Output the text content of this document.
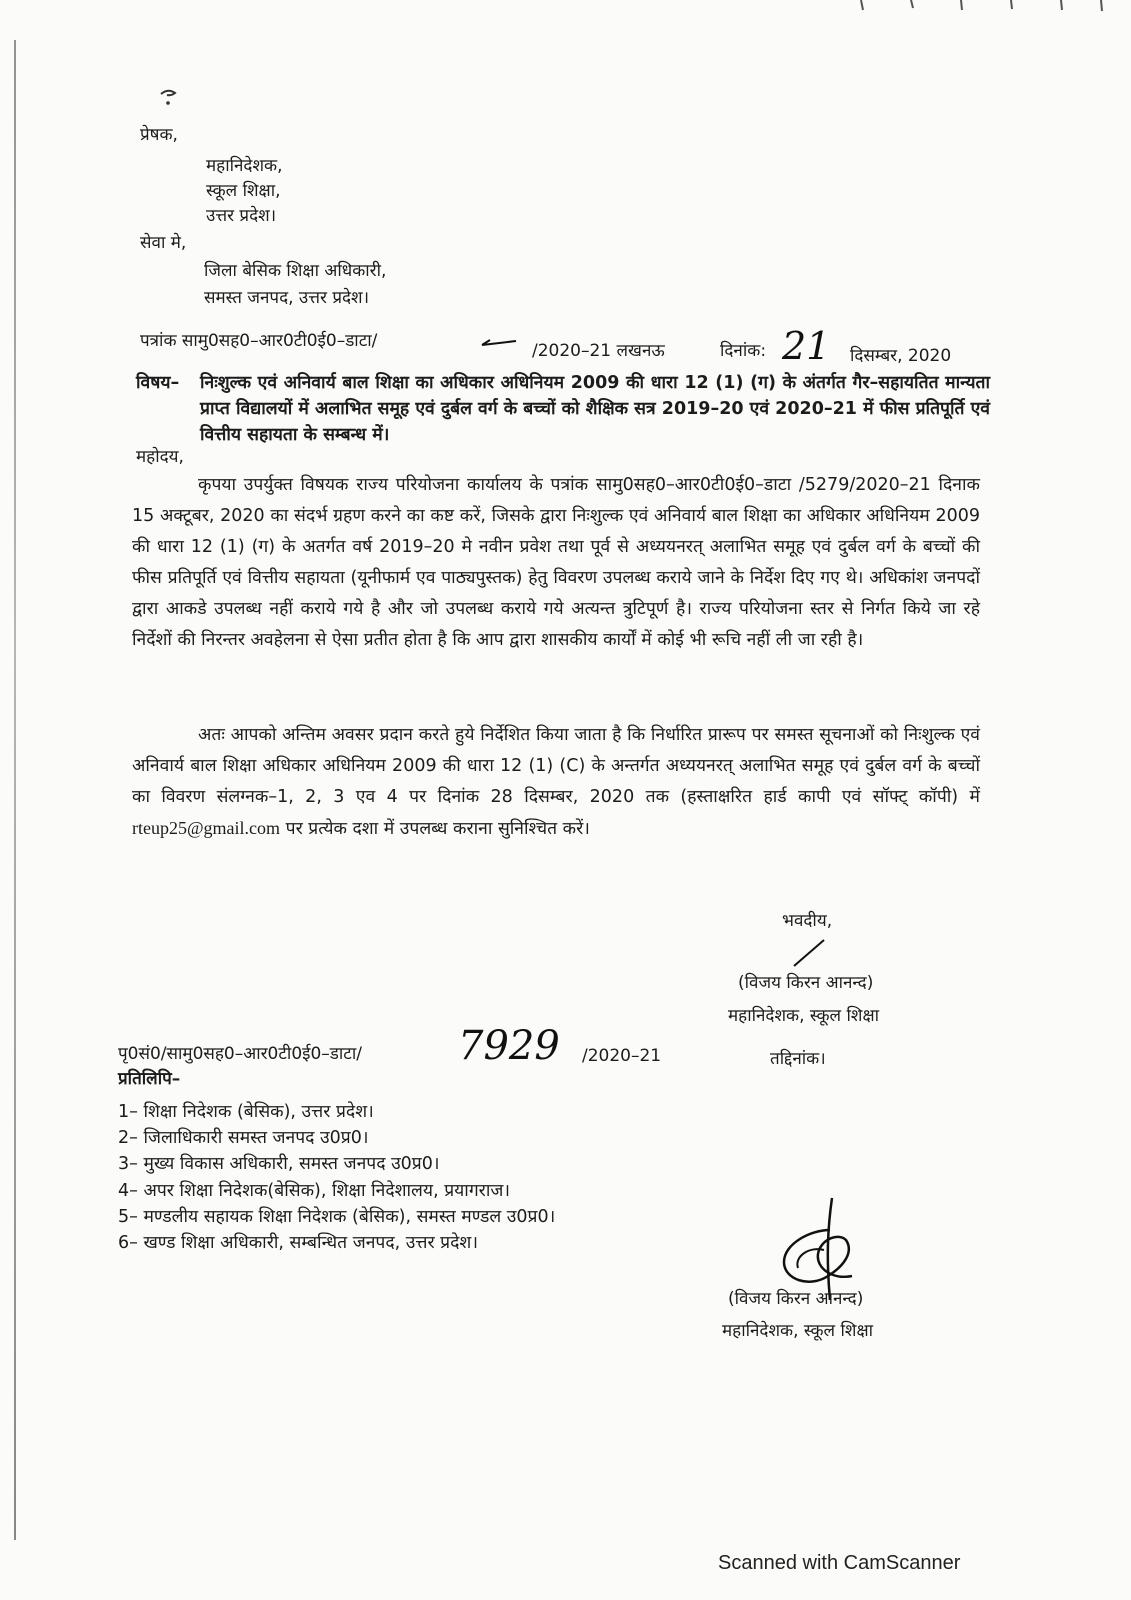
प्रेषक,
महानिदेशक,
स्कूल शिक्षा,
उत्तर प्रदेश।
सेवा मे,
जिला बेसिक शिक्षा अधिकारी,
समस्त जनपद, उत्तर प्रदेश।
पत्रांक सामु0सह0–आर0टी0ई0–डाटा/	/2020–21 लखनऊ	दिनांक: 21 दिसम्बर, 2020
विषय– निःशुल्क एवं अनिवार्य बाल शिक्षा का अधिकार अधिनियम 2009 की धारा 12 (1) (ग) के अंतर्गत गैर–सहायतित मान्यता प्राप्त विद्यालयों में अलाभित समूह एवं दुर्बल वर्ग के बच्चों को शैक्षिक सत्र 2019–20 एवं 2020–21 में फीस प्रतिपूर्ति एवं वित्तीय सहायता के सम्बन्ध में।
महोदय,
कृपया उपर्युक्त विषयक राज्य परियोजना कार्यालय के पत्रांक सामु0सह0–आर0टी0ई0–डाटा /5279/2020–21 दिनाक 15 अक्टूबर, 2020 का संदर्भ ग्रहण करने का कष्ट करें, जिसके द्वारा निःशुल्क एवं अनिवार्य बाल शिक्षा का अधिकार अधिनियम 2009 की धारा 12 (1) (ग) के अतर्गत वर्ष 2019–20 मे नवीन प्रवेश तथा पूर्व से अध्ययनरत् अलाभित समूह एवं दुर्बल वर्ग के बच्चों की फीस प्रतिपूर्ति एवं वित्तीय सहायता (यूनीफार्म एव पाठ्यपुस्तक) हेतु विवरण उपलब्ध कराये जाने के निर्देश दिए गए थे। अधिकांश जनपदों द्वारा आकडे उपलब्ध नहीं कराये गये है और जो उपलब्ध कराये गये अत्यन्त त्रुटिपूर्ण है। राज्य परियोजना स्तर से निर्गत किये जा रहे निर्देशों की निरन्तर अवहेलना से ऐसा प्रतीत होता है कि आप द्वारा शासकीय कार्यों में कोई भी रूचि नहीं ली जा रही है।
अतः आपको अन्तिम अवसर प्रदान करते हुये निर्देशित किया जाता है कि निर्धारित प्रारूप पर समस्त सूचनाओं को निःशुल्क एवं अनिवार्य बाल शिक्षा अधिकार अधिनियम 2009 की धारा 12 (1) (C) के अन्तर्गत अध्ययनरत् अलाभित समूह एवं दुर्बल वर्ग के बच्चों का विवरण संलग्नक–1, 2, 3 एव 4 पर दिनांक 28 दिसम्बर, 2020 तक (हस्ताक्षरित हार्ड कापी एवं सॉफ्ट् कॉपी) में rteup25@gmail.com पर प्रत्येक दशा में उपलब्ध कराना सुनिश्चित करें।
भवदीय,
(विजय किरन आनन्द)
महानिदेशक, स्कूल शिक्षा
पृ0सं0/सामु0सह0–आर0टी0ई0–डाटा/ 7929 /2020–21	तद्दिनांक।
प्रतिलिपि–
1– शिक्षा निदेशक (बेसिक), उत्तर प्रदेश।
2– जिलाधिकारी समस्त जनपद उ0प्र0।
3– मुख्य विकास अधिकारी, समस्त जनपद उ0प्र0।
4– अपर शिक्षा निदेशक(बेसिक), शिक्षा निदेशालय, प्रयागराज।
5– मण्डलीय सहायक शिक्षा निदेशक (बेसिक), समस्त मण्डल उ0प्र0।
6– खण्ड शिक्षा अधिकारी, सम्बन्धित जनपद, उत्तर प्रदेश।
(विजय किरन आनन्द)
महानिदेशक, स्कूल शिक्षा
Scanned with CamScanner
